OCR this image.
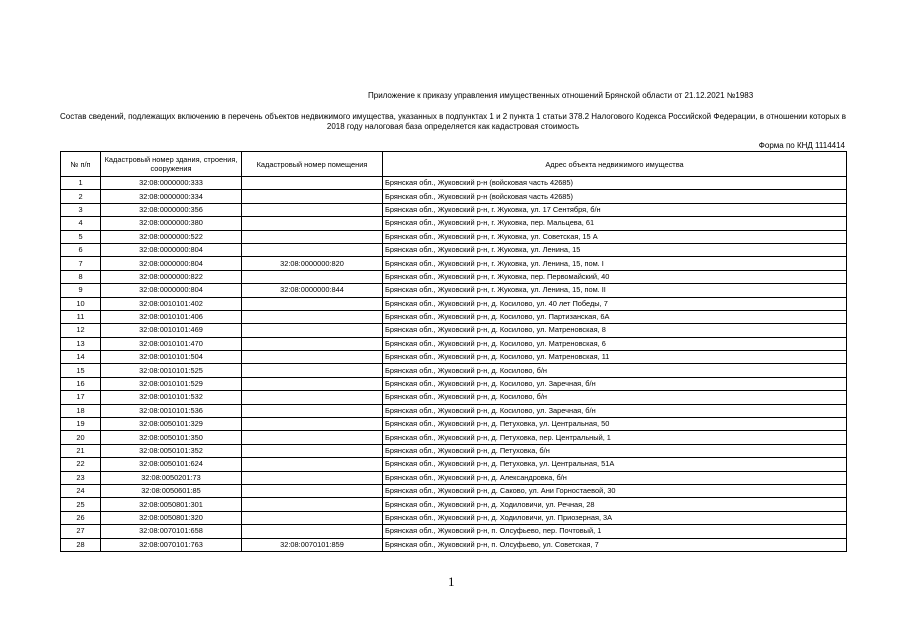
Приложение к приказу управления имущественных отношений Брянской области от 21.12.2021 №1983
Состав сведений, подлежащих включению в перечень объектов недвижимого имущества, указанных в подпунктах 1 и 2 пункта 1 статьи 378.2 Налогового Кодекса Российской Федерации, в отношении которых в 2018 году налоговая база определяется как кадастровая стоимость
Форма по КНД 1114414
№ п/п	Кадастровый номер здания, строения, сооружения	Кадастровый номер помещения	Адрес объекта недвижимого имущества
1	32:08:0000000:333		Брянская обл., Жуковский р-н (войсковая часть 42685)
2	32:08:0000000:334		Брянская обл., Жуковский р-н (войсковая часть 42685)
3	32:08:0000000:356		Брянская обл., Жуковский р-н, г. Жуковка, ул. 17 Сентября, б/н
4	32:08:0000000:380		Брянская обл., Жуковский р-н, г. Жуковка, пер. Мальцева, 61
5	32:08:0000000:522		Брянская обл., Жуковский р-н, г. Жуковка, ул. Советская, 15 А
6	32:08:0000000:804		Брянская обл., Жуковский р-н, г. Жуковка, ул. Ленина, 15
7	32:08:0000000:804	32:08:0000000:820	Брянская обл., Жуковский р-н, г. Жуковка, ул. Ленина, 15, пом. I
8	32:08:0000000:822		Брянская обл., Жуковский р-н, г. Жуковка, пер. Первомайский, 40
9	32:08:0000000:804	32:08:0000000:844	Брянская обл., Жуковский р-н, г. Жуковка, ул. Ленина, 15, пом. II
10	32:08:0010101:402		Брянская обл., Жуковский р-н, д. Косилово, ул. 40 лет Победы, 7
11	32:08:0010101:406		Брянская обл., Жуковский р-н, д. Косилово, ул. Партизанская, 6А
12	32:08:0010101:469		Брянская обл., Жуковский р-н, д. Косилово, ул. Матреновская, 8
13	32:08:0010101:470		Брянская обл., Жуковский р-н, д. Косилово, ул. Матреновская, 6
14	32:08:0010101:504		Брянская обл., Жуковский р-н, д. Косилово, ул. Матреновская, 11
15	32:08:0010101:525		Брянская обл., Жуковский р-н, д. Косилово, б/н
16	32:08:0010101:529		Брянская обл., Жуковский р-н, д. Косилово, ул. Заречная, б/н
17	32:08:0010101:532		Брянская обл., Жуковский р-н, д. Косилово, б/н
18	32:08:0010101:536		Брянская обл., Жуковский р-н, д. Косилово, ул. Заречная, б/н
19	32:08:0050101:329		Брянская обл., Жуковский р-н, д. Петуховка, ул. Центральная, 50
20	32:08:0050101:350		Брянская обл., Жуковский р-н, д. Петуховка, пер. Центральный, 1
21	32:08:0050101:352		Брянская обл., Жуковский р-н, д. Петуховка, б/н
22	32:08:0050101:624		Брянская обл., Жуковский р-н, д. Петуховка, ул. Центральная, 51А
23	32:08:0050201:73		Брянская обл., Жуковский р-н, д. Александровка, б/н
24	32:08:0050601:85		Брянская обл., Жуковский р-н, д. Саково, ул. Ани Горностаевой, 30
25	32:08:0050801:301		Брянская обл., Жуковский р-н, д. Ходиловичи, ул. Речная, 28
26	32:08:0050801:320		Брянская обл., Жуковский р-н, д. Ходиловичи, ул. Приозерная, 3А
27	32:08:0070101:658		Брянская обл., Жуковский р-н, п. Олсуфьево, пер. Почтовый, 1
28	32:08:0070101:763	32:08:0070101:859	Брянская обл., Жуковский р-н, п. Олсуфьево, ул. Советская, 7
1
